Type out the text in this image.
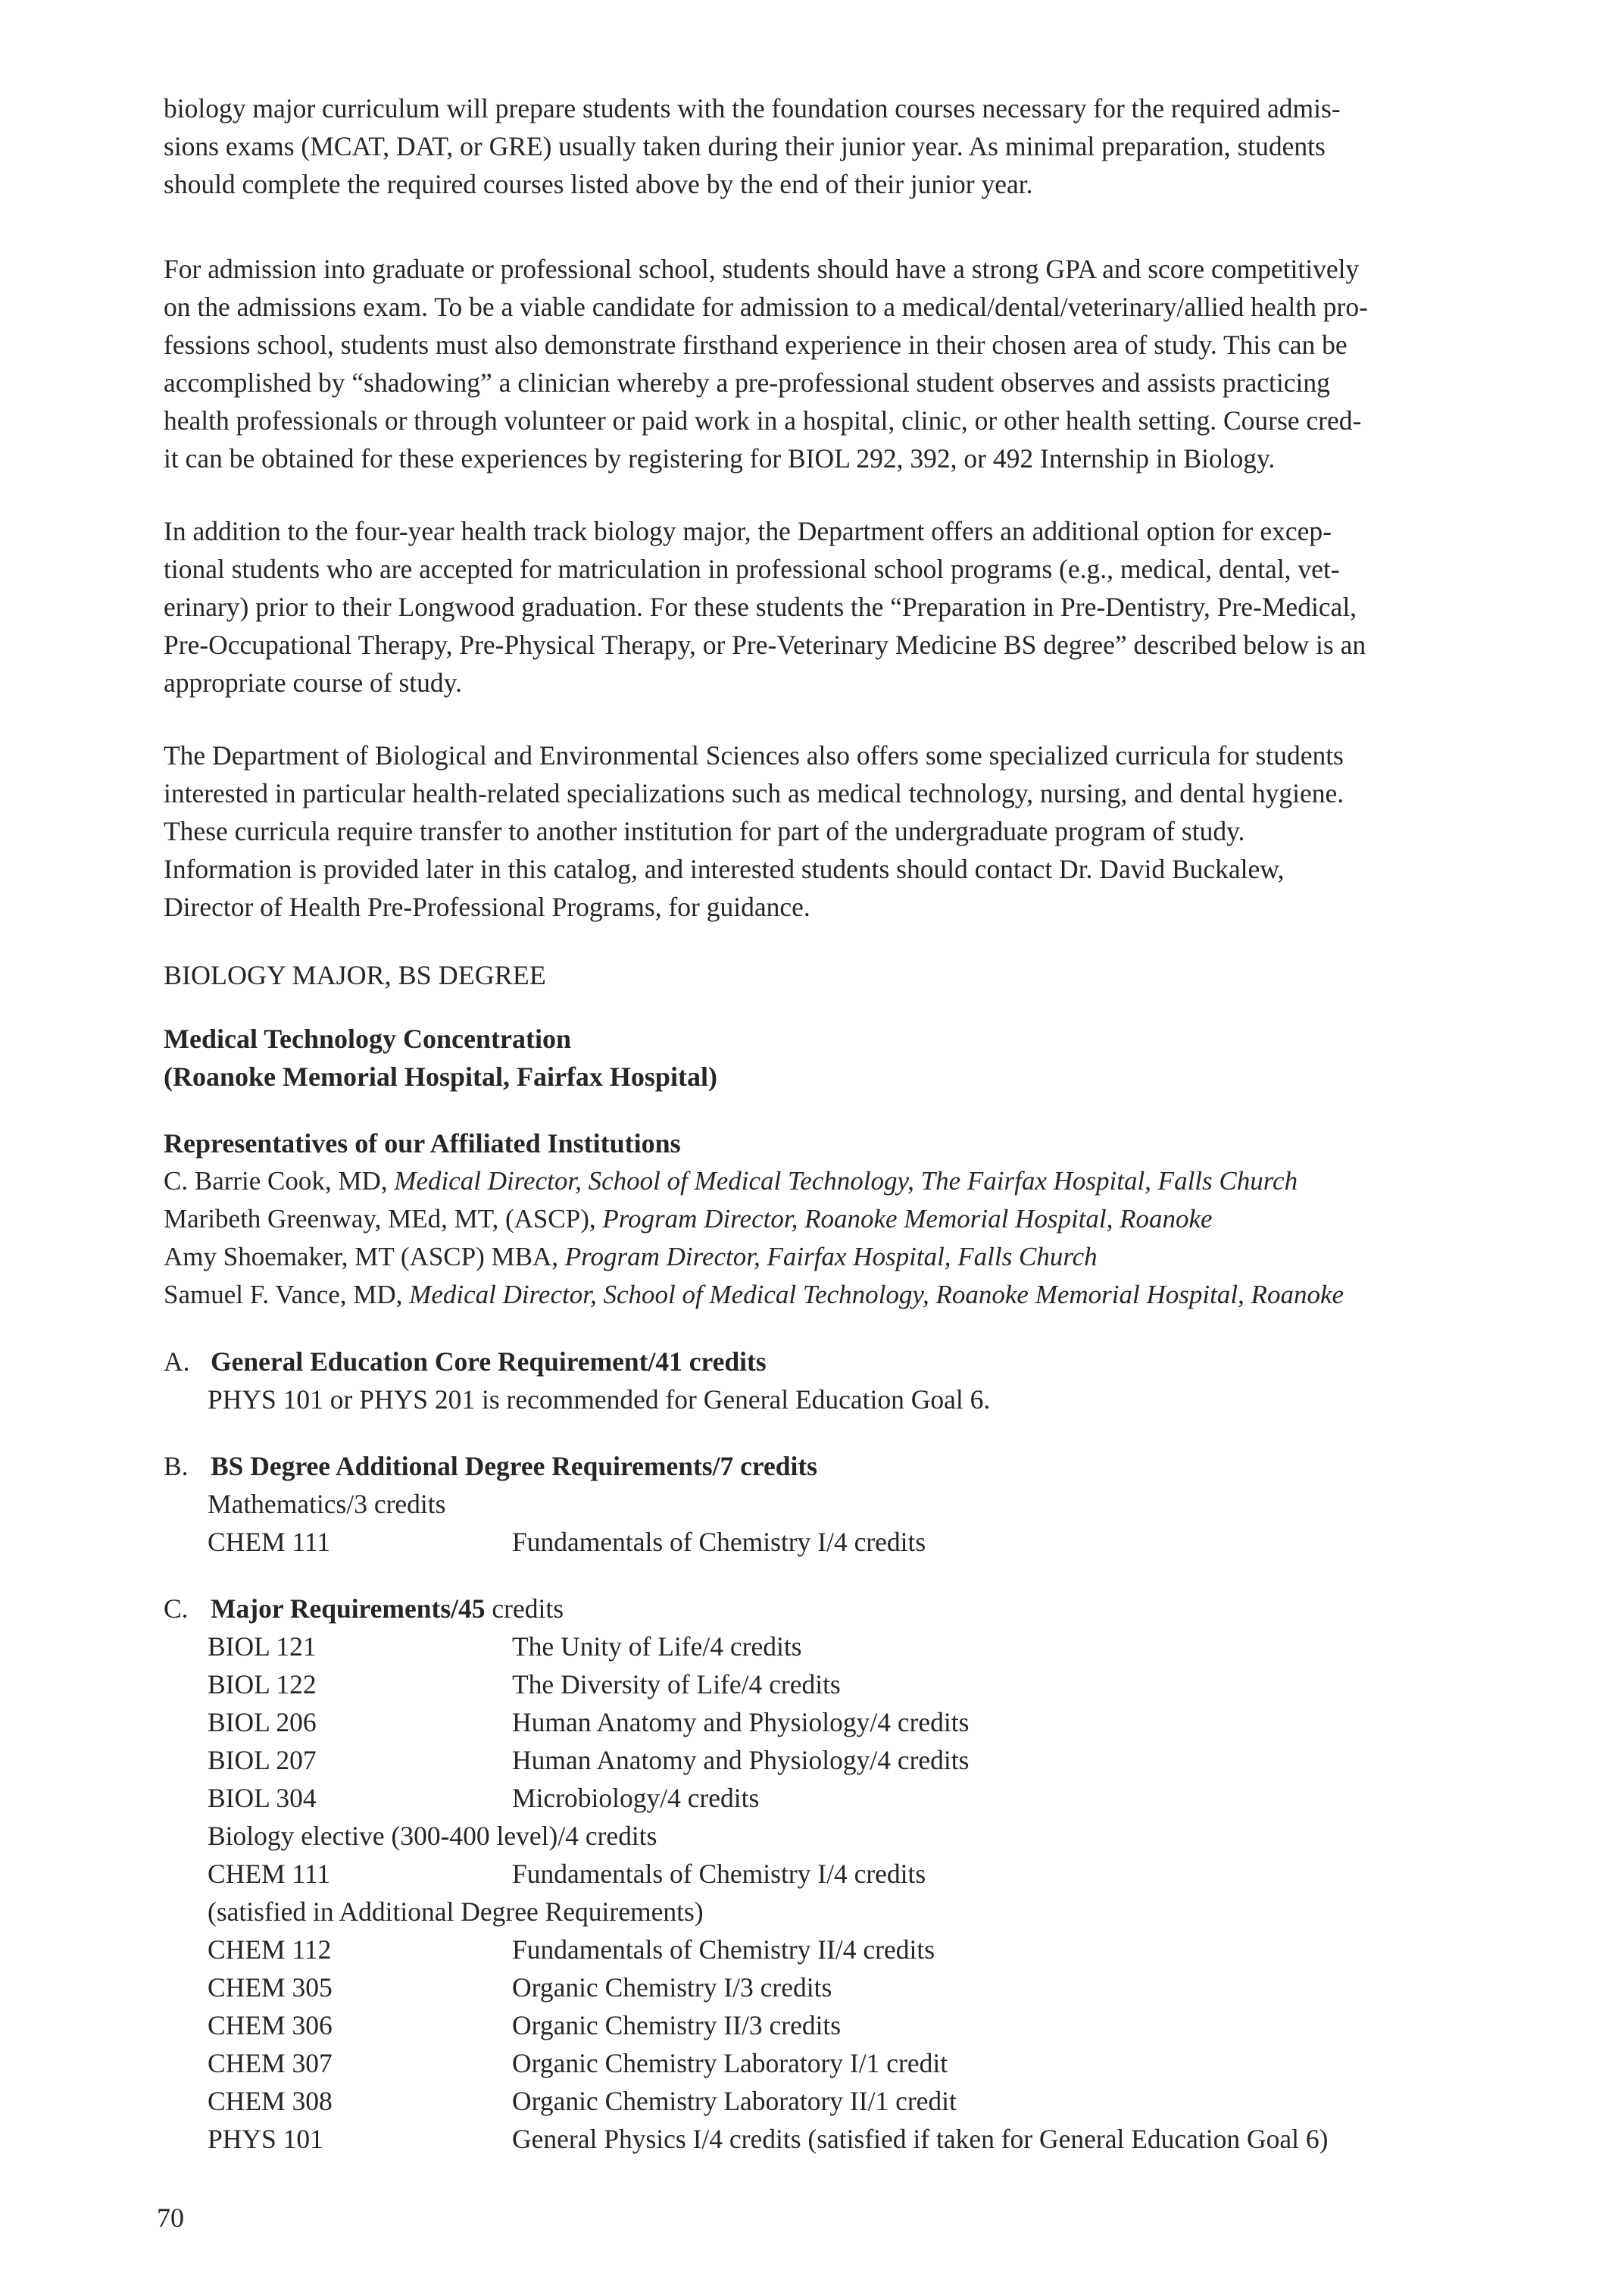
biology major curriculum will prepare students with the foundation courses necessary for the required admis-

sions exams (MCAT, DAT, or GRE) usually taken during their junior year. As minimal preparation, students

should complete the required courses listed above by the end of their junior year.

For admission into graduate or professional school, students should have a strong GPA and score competitively

on the admissions exam. To be a viable candidate for admission to a medical/dental/veterinary/allied health pro-

fessions school, students must also demonstrate firsthand experience in their chosen area of study. This can be

accomplished by “shadowing” a clinician whereby a pre-professional student observes and assists practicing

health professionals or through volunteer or paid work in a hospital, clinic, or other health setting. Course cred-

it can be obtained for these experiences by registering for BIOL 292, 392, or 492 Internship in Biology.

In addition to the four-year health track biology major, the Department offers an additional option for excep-

tional students who are accepted for matriculation in professional school programs (e.g., medical, dental, vet-

erinary) prior to their Longwood graduation. For these students the “Preparation in Pre-Dentistry, Pre-Medical,

Pre-Occupational Therapy, Pre-Physical Therapy, or Pre-Veterinary Medicine BS degree” described below is an

appropriate course of study.

The Department of Biological and Environmental Sciences also offers some specialized curricula for students

interested in particular health-related specializations such as medical technology, nursing, and dental hygiene.

These curricula require transfer to another institution for part of the undergraduate program of study.

Information is provided later in this catalog, and interested students should contact Dr. David Buckalew,

Director of Health Pre-Professional Programs, for guidance.

BIOLOGY MAJOR, BS DEGREE
Medical Technology Concentration
(Roanoke Memorial Hospital, Fairfax Hospital)
Representatives of our Affiliated Institutions
C. Barrie Cook, MD, Medical Director, School of Medical Technology, The Fairfax Hospital, Falls Church
Maribeth Greenway, MEd, MT, (ASCP), Program Director, Roanoke Memorial Hospital, Roanoke
Amy Shoemaker, MT (ASCP) MBA, Program Director, Fairfax Hospital, Falls Church
Samuel F. Vance, MD, Medical Director, School of Medical Technology, Roanoke Memorial Hospital, Roanoke
A. General Education Core Requirement/41 credits
PHYS 101 or PHYS 201 is recommended for General Education Goal 6.
B. BS Degree Additional Degree Requirements/7 credits
Mathematics/3 credits
CHEM 111	Fundamentals of Chemistry I/4 credits
C. Major Requirements/45 credits
BIOL 121	The Unity of Life/4 credits
BIOL 122	The Diversity of Life/4 credits
BIOL 206	Human Anatomy and Physiology/4 credits
BIOL 207	Human Anatomy and Physiology/4 credits
BIOL 304	Microbiology/4 credits
Biology elective (300-400 level)/4 credits
CHEM 111	Fundamentals of Chemistry I/4 credits
(satisfied in Additional Degree Requirements)
CHEM 112	Fundamentals of Chemistry II/4 credits
CHEM 305	Organic Chemistry I/3 credits
CHEM 306	Organic Chemistry II/3 credits
CHEM 307	Organic Chemistry Laboratory I/1 credit
CHEM 308	Organic Chemistry Laboratory II/1 credit
PHYS 101	General Physics I/4 credits (satisfied if taken for General Education Goal 6)
70
